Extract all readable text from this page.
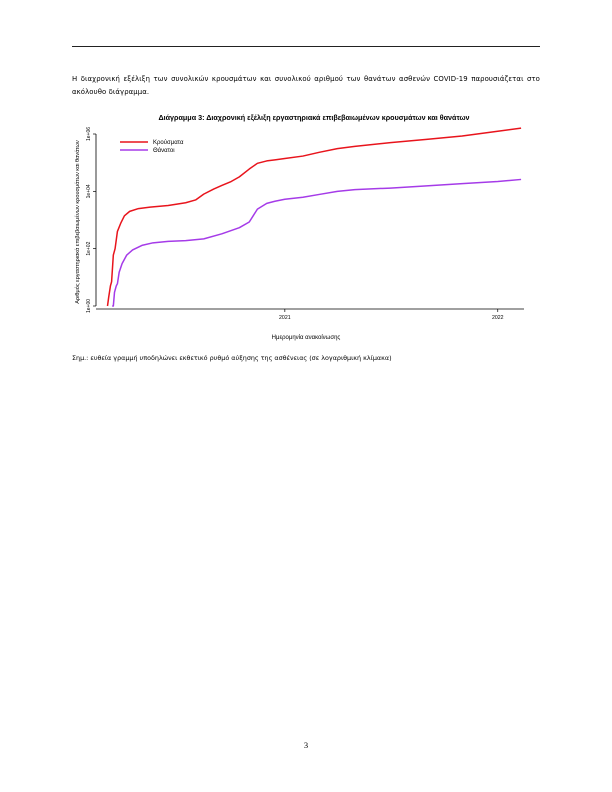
Η διαχρονική εξέλιξη των συνολικών κρουσμάτων και συνολικού αριθμού των θανάτων ασθενών COVID-19 παρουσιάζεται στο ακόλουθο διάγραμμα.

Διάγραμμα 3: Διαχρονική εξέλιξη εργαστηριακά επιβεβαιωμένων κρουσμάτων και θανάτων
2021	2022
1e+00
1e+02
1e+04
1e+06
Κρούσματα
Θάνατοι
Ημερομηνία ανακοίνωσης
Αριθμός εργαστηριακά επιβεβαιωμένων κρουσμάτων και θανάτων

Σημ.: ευθεία γραμμή υποδηλώνει εκθετικό ρυθμό αύξησης της ασθένειας (σε λογαριθμική κλίμακα)

3
